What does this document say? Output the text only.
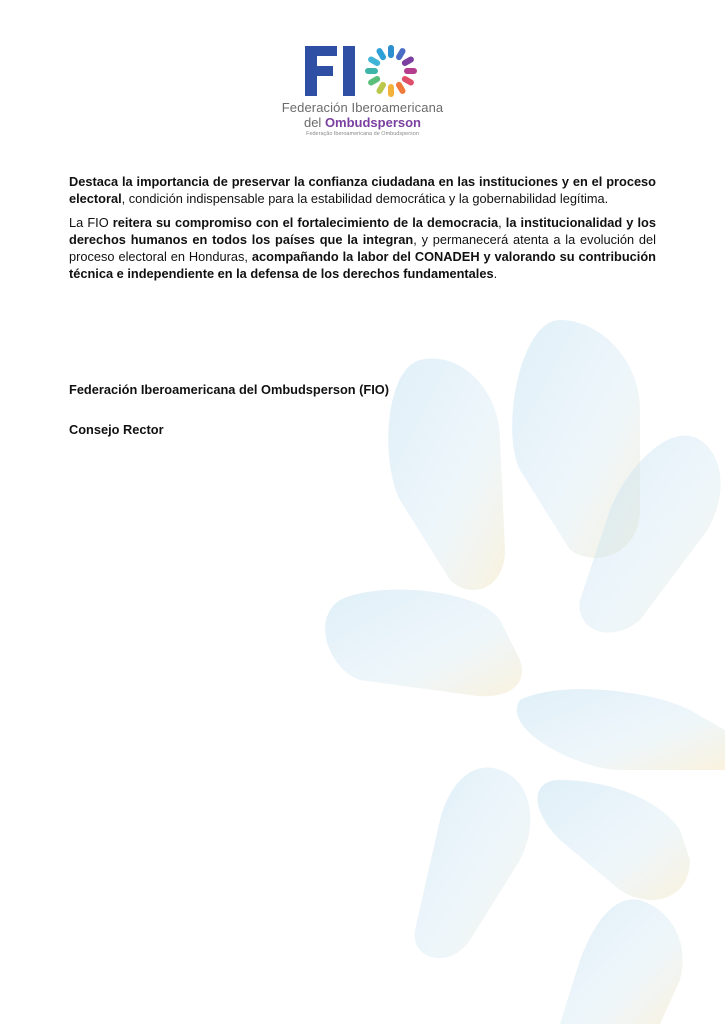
Federación Iberoamericana
del Ombudsperson
Federação Iberoamericana de Ombudsperson

Destaca la importancia de preservar la confianza ciudadana en las instituciones y en el proceso electoral, condición indispensable para la estabilidad democrática y la gobernabilidad legítima.

La FIO reitera su compromiso con el fortalecimiento de la democracia, la institucionalidad y los derechos humanos en todos los países que la integran, y permanecerá atenta a la evolución del proceso electoral en Honduras, acompañando la labor del CONADEH y valorando su contribución técnica e independiente en la defensa de los derechos fundamentales.

Federación Iberoamericana del Ombudsperson (FIO)
Consejo Rector
